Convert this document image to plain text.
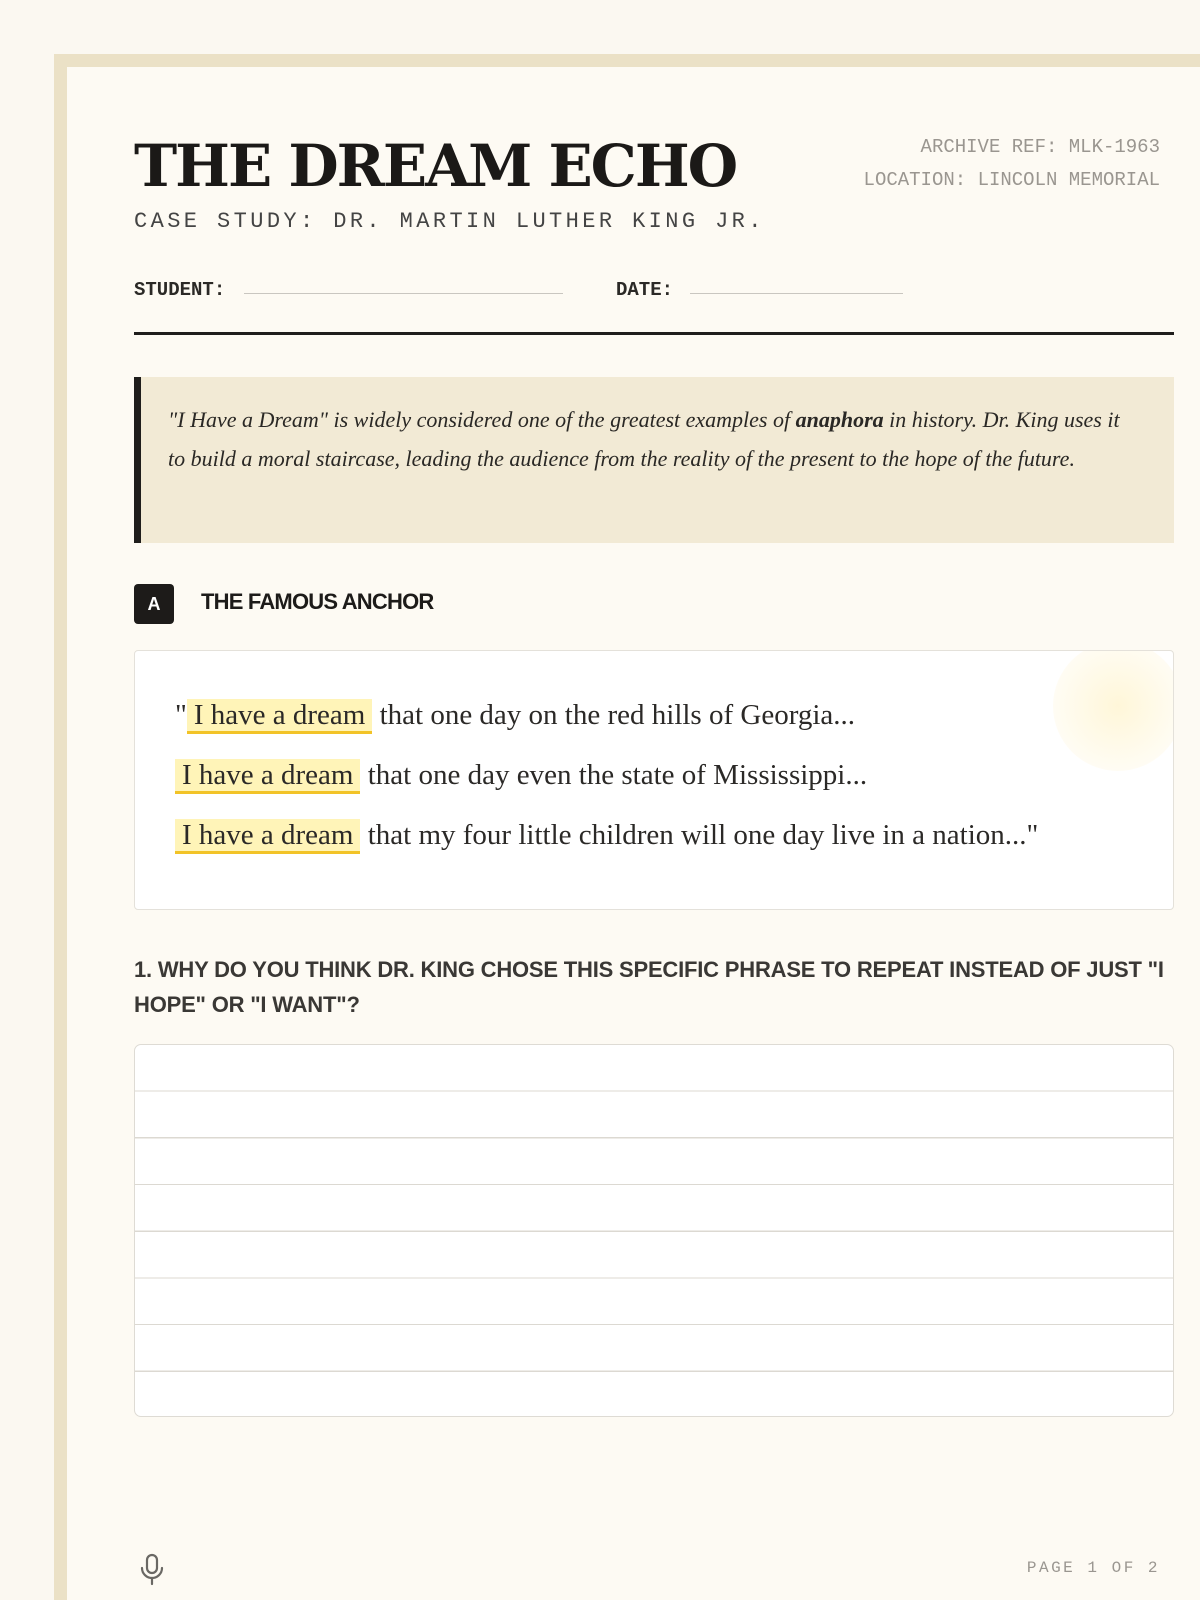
THE DREAM ECHO
CASE STUDY: DR. MARTIN LUTHER KING JR.
ARCHIVE REF: MLK-1963
LOCATION: LINCOLN MEMORIAL
STUDENT:	DATE:
"I Have a Dream" is widely considered one of the greatest examples of anaphora in history. Dr. King uses it to build a moral staircase, leading the audience from the reality of the present to the hope of the future.
A	THE FAMOUS ANCHOR
" I have a dream that one day on the red hills of Georgia...
I have a dream that one day even the state of Mississippi...
I have a dream that my four little children will one day live in a nation..."
1. WHY DO YOU THINK DR. KING CHOSE THIS SPECIFIC PHRASE TO REPEAT INSTEAD OF JUST "I HOPE" OR "I WANT"?
PAGE 1 OF 2
